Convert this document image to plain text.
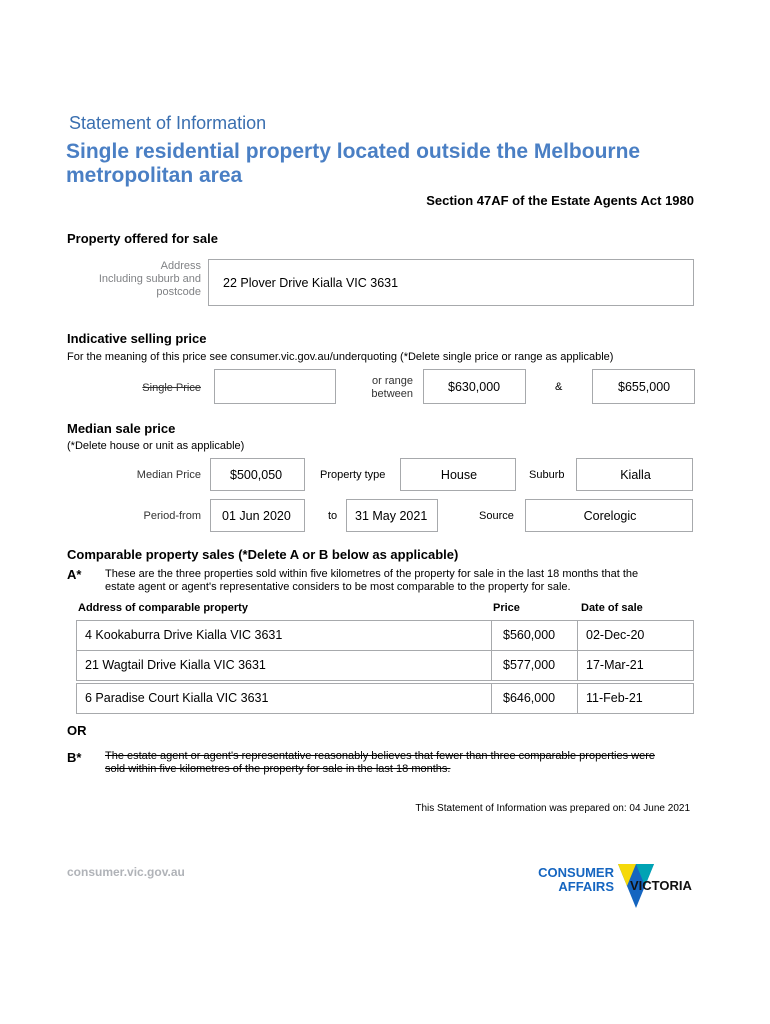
Statement of Information
Single residential property located outside the Melbourne metropolitan area
Section 47AF of the Estate Agents Act 1980
Property offered for sale
Address
Including suburb and
postcode
22 Plover Drive Kialla VIC 3631
Indicative selling price
For the meaning of this price see consumer.vic.gov.au/underquoting (*Delete single price or range as applicable)
Single Price
or range
between	$630,000	&	$655,000
Median sale price
(*Delete house or unit as applicable)
Median Price $500,050	Property type	House	Suburb	Kialla
Period-from 01 Jun 2020	to 31 May 2021	Source	Corelogic
Comparable property sales (*Delete A or B below as applicable)
A* These are the three properties sold within five kilometres of the property for sale in the last 18 months that the
estate agent or agent's representative considers to be most comparable to the property for sale.
Address of comparable property	Price	Date of sale
4 Kookaburra Drive Kialla VIC 3631	$560,000 02-Dec-20
21 Wagtail Drive Kialla VIC 3631	$577,000 17-Mar-21
6 Paradise Court Kialla VIC 3631	$646,000 11-Feb-21
OR
B* The estate agent or agent's representative reasonably believes that fewer than three comparable properties were
sold within five kilometres of the property for sale in the last 18 months.
This Statement of Information was prepared on: 04 June 2021
consumer.vic.gov.au	CONSUMER
AFFAIRS VICTORIA
